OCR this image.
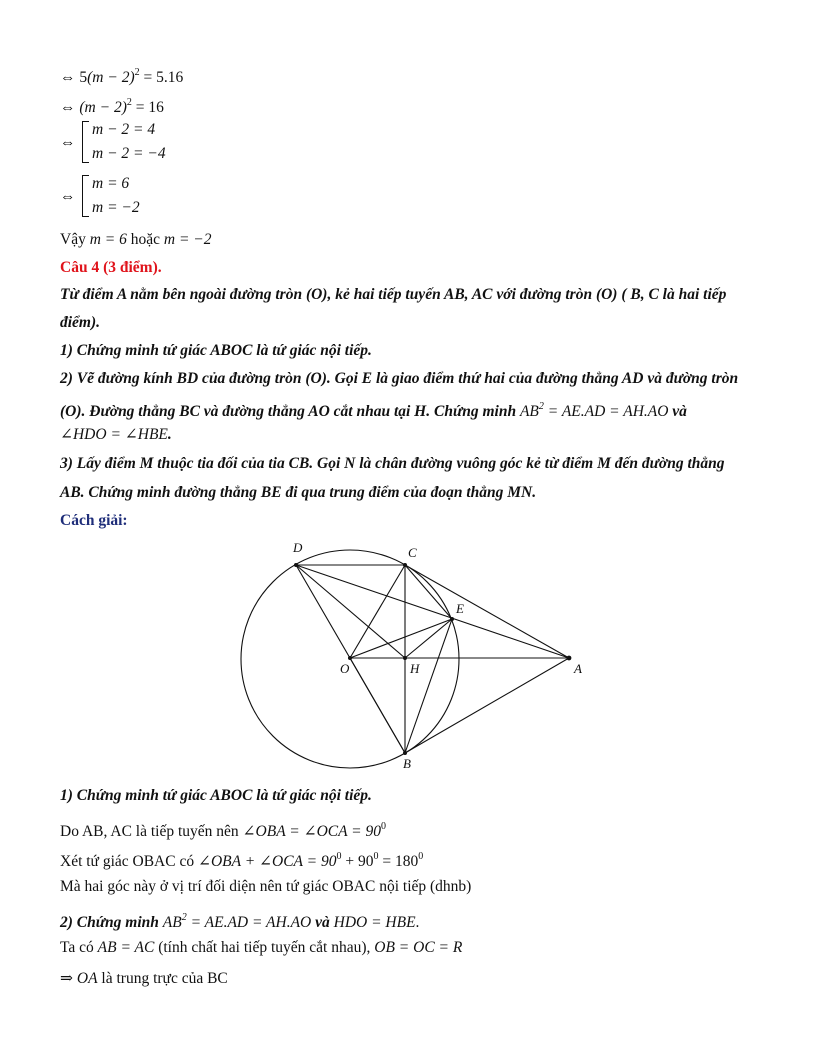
⇔ $5(m - 2)^2 = 5.16$
⇔ $(m - 2)^2 = 16$
⇔
m − 2 = 4
m − 2 = −4
⇔
m = 6
m = −2
Vậy m = 6 hoặc m = −2
Câu 4 (3 điểm).
Từ điểm A nằm bên ngoài đường tròn (O), kẻ hai tiếp tuyến AB, AC với đường tròn (O) ( B, C là hai tiếp
điểm).
1) Chứng minh tứ giác ABOC là tứ giác nội tiếp.
2) Vẽ đường kính BD của đường tròn (O). Gọi E là giao điểm thứ hai của đường thẳng AD và đường tròn
(O). Đường thẳng BC và đường thẳng AO cắt nhau tại H. Chứng minh $AB^2 = AE.AD = AH.AO$ và
∠HDO = ∠HBE.
3) Lấy điểm M thuộc tia đối của tia CB. Gọi N là chân đường vuông góc kẻ từ điểm M đến đường thẳng
AB. Chứng minh đường thẳng BE đi qua trung điểm của đoạn thẳng MN.
Cách giải:
D	C
E
O	H	A
B
1) Chứng minh tứ giác ABOC là tứ giác nội tiếp.
Do AB, AC là tiếp tuyến nên ∠OBA = ∠OCA = $90^0$
Xét tứ giác OBAC có ∠OBA + ∠OCA = $90^0 + 90^0 = 180^0$
Mà hai góc này ở vị trí đối diện nên tứ giác OBAC nội tiếp (dhnb)
2) Chứng minh $AB^2 = AE.AD = AH.AO$ và HDO = HBE.
Ta có AB = AC (tính chất hai tiếp tuyến cắt nhau), OB = OC = R
⇒ OA là trung trực của BC
